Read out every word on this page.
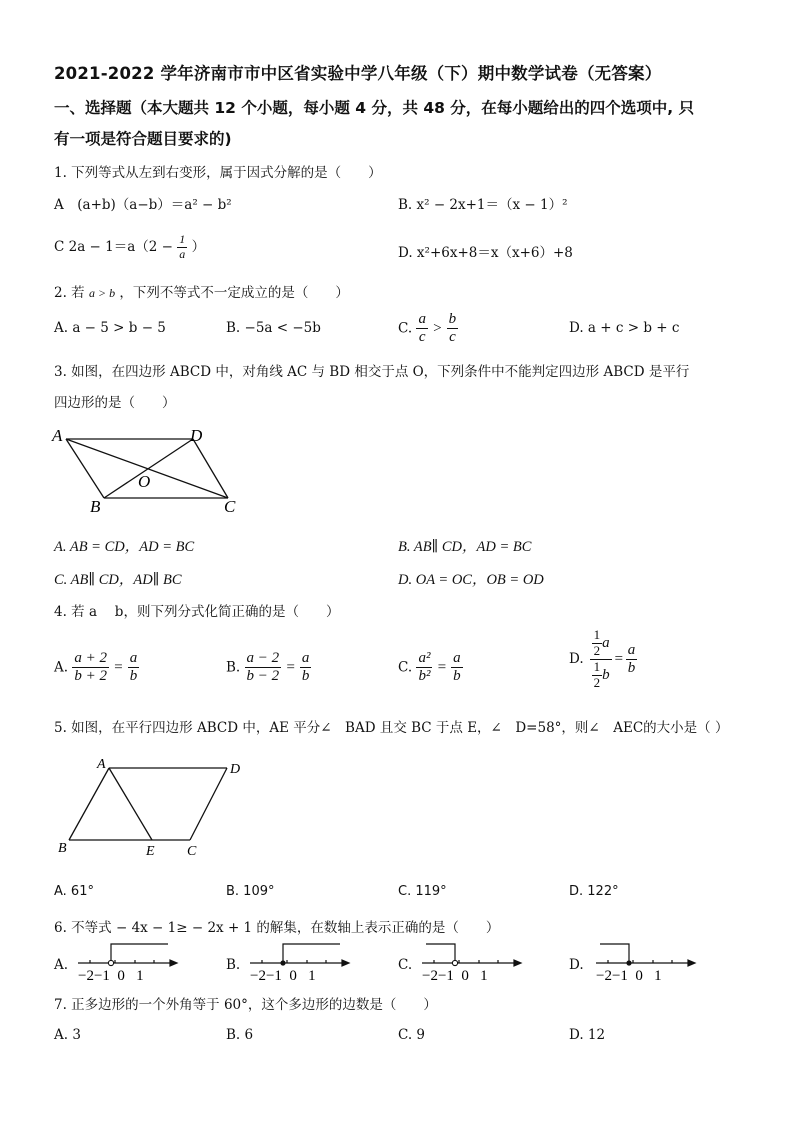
2021-2022 学年济南市市中区省实验中学八年级（下）期中数学试卷（无答案）
一、选择题（本大题共 12 个小题，每小题 4 分，共 48 分，在每小题给出的四个选项中, 只
有一项是符合题目要求的)
1. 下列等式从左到右变形，属于因式分解的是（　　）
A　(a+b)（a−b）＝a² − b²	B. x² − 2x+1＝（x − 1）²
C $2a - 1=a(2 - \frac{1}{a}$ ）	D. x²+6x+8＝x（x+6）+8
2. 若 a > b ，下列不等式不一定成立的是（　　）
A. a − 5 > b − 5	B. −5a < −5b	C. $\frac{a}{c} > \frac{b}{c}$	D. a + c > b + c
3. 如图，在四边形 ABCD 中，对角线 AC 与 BD 相交于点 O，下列条件中不能判定四边形 ABCD 是平行
四边形的是（　　）
A	D
B	C
O
A. AB = CD，AD = BC	B. AB∥ CD，AD = BC
C. AB∥ CD，AD∥ BC	D. OA = OC，OB = OD
4. 若 a　 b，则下列分式化简正确的是（　　）
A. $\frac{a + 2}{b + 2} = \frac{a}{b}$	B. $\frac{a - 2}{b - 2} = \frac{a}{b}$	C. $\frac{\text{a²}}{\text{b²}} = \frac{a}{b}$	D. $\frac{\frac{1}{2} a}{\frac{1}{2} b} = \frac{a}{b}$
5. 如图，在平行四边形 ABCD 中，AE 平分∠　BAD 且交 BC 于点 E，∠　D=58°，则∠　AEC的大小是（ ）
A	D
B	E C
A. 61°	B. 109°	C. 119°	D. 122°
6. 不等式 − 4x − 1≥ − 2x + 1 的解集，在数轴上表示正确的是（　　）
A.
−2−1  0   1
B.
−2−1  0   1
C.
−2−1  0   1
D.
−2−1  0   1
7. 正多边形的一个外角等于 60°，这个多边形的边数是（　　）
A. 3	B. 6	C. 9	D. 12
